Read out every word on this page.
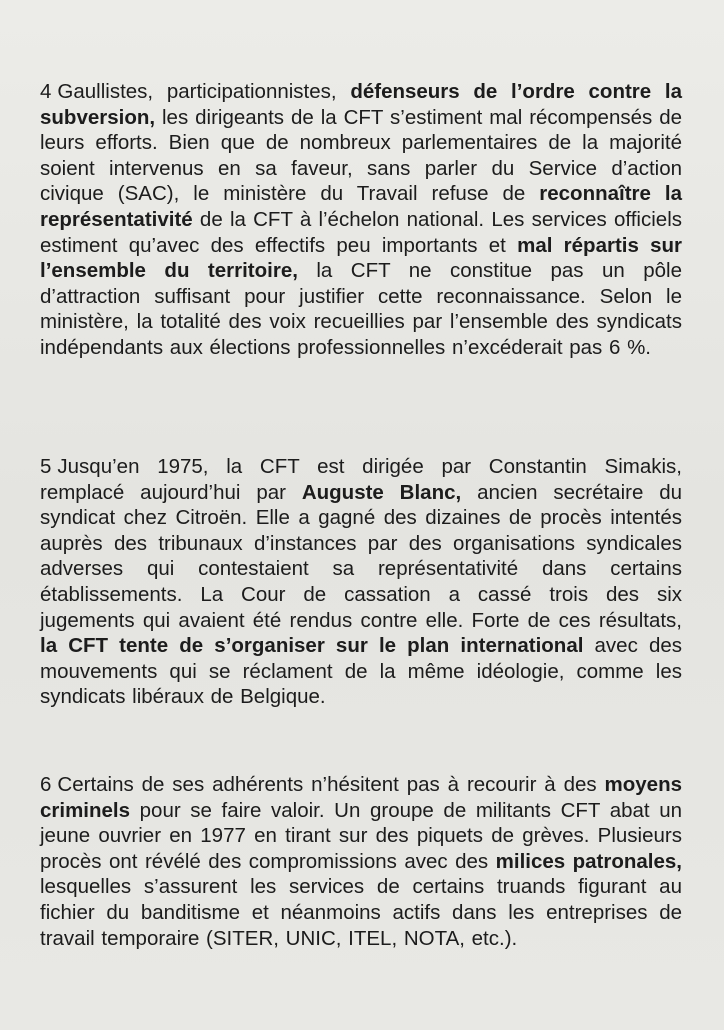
4 Gaullistes, participationnistes, défenseurs de l’ordre contre la subversion, les dirigeants de la CFT s’estiment mal récompensés de leurs efforts. Bien que de nombreux parlementaires de la majorité soient intervenus en sa faveur, sans parler du Service d’action civique (SAC), le ministère du Travail refuse de reconnaître la représentativité de la CFT à l’échelon national. Les services officiels estiment qu’avec des effectifs peu importants et mal répartis sur l’ensemble du territoire, la CFT ne constitue pas un pôle d’attraction suffisant pour justifier cette reconnaissance. Selon le ministère, la totalité des voix recueillies par l’ensemble des syndicats indépendants aux élections professionnelles n’excéderait pas 6 %.

5 Jusqu’en 1975, la CFT est dirigée par Constantin Simakis, remplacé aujourd’hui par Auguste Blanc, ancien secrétaire du syndicat chez Citroën. Elle a gagné des dizaines de procès intentés auprès des tribunaux d’instances par des organisations syndicales adverses qui contestaient sa représentativité dans certains établissements. La Cour de cassation a cassé trois des six jugements qui avaient été rendus contre elle. Forte de ces résultats, la CFT tente de s’organiser sur le plan international avec des mouvements qui se réclament de la même idéologie, comme les syndicats libéraux de Belgique.

6 Certains de ses adhérents n’hésitent pas à recourir à des moyens criminels pour se faire valoir. Un groupe de militants CFT abat un jeune ouvrier en 1977 en tirant sur des piquets de grèves. Plusieurs procès ont révélé des compromissions avec des milices patronales, lesquelles s’assurent les services de certains truands figurant au fichier du banditisme et néanmoins actifs dans les entreprises de travail temporaire (SITER, UNIC, ITEL, NOTA, etc.).
